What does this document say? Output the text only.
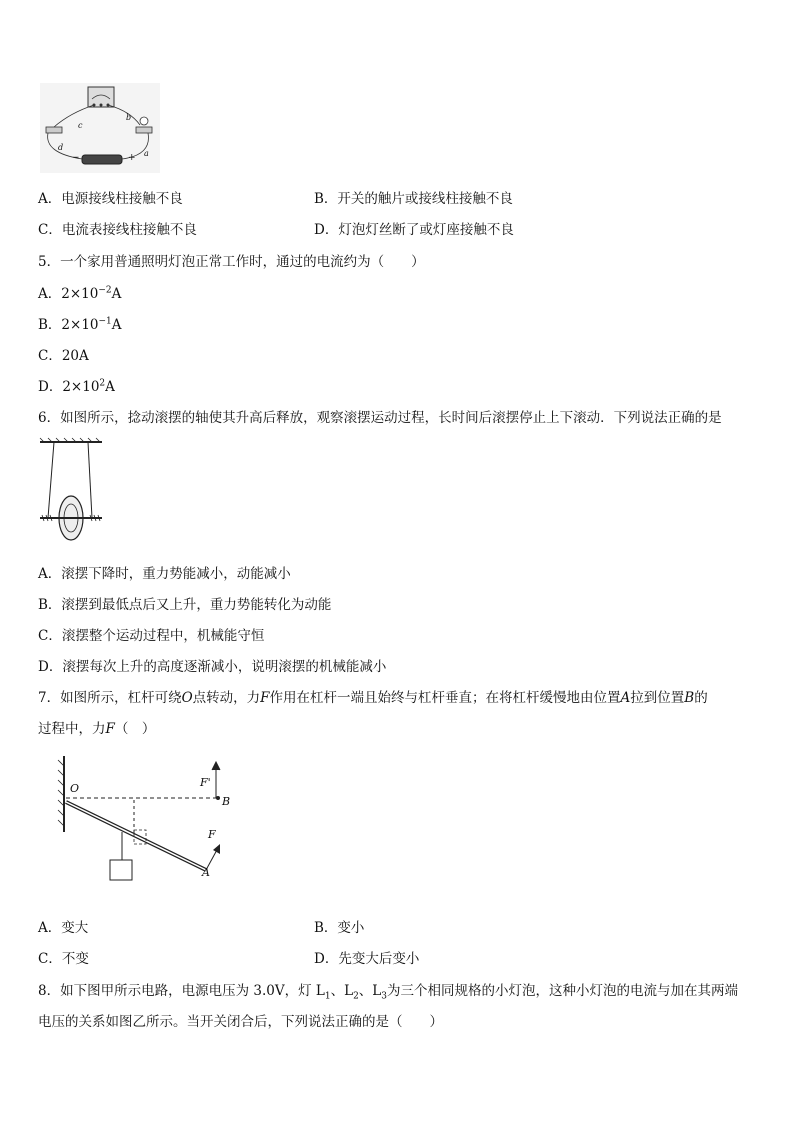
c
b
d
a
−	+
A．电源接线柱接触不良	B．开关的触片或接线柱接触不良
C．电流表接线柱接触不良	D．灯泡灯丝断了或灯座接触不良
5．一个家用普通照明灯泡正常工作时，通过的电流约为（　　）
A．$2\times 10^{-2}A$
B．$2\times 10^{-1}A$
C．20A
D．$2\times 10^2A$
6．如图所示，捻动滚摆的轴使其升高后释放，观察滚摆运动过程，长时间后滚摆停止上下滚动．下列说法正确的是
A．滚摆下降时，重力势能减小，动能减小
B．滚摆到最低点后又上升，重力势能转化为动能
C．滚摆整个运动过程中，机械能守恒
D．滚摆每次上升的高度逐渐减小，说明滚摆的机械能减小
7．如图所示，杠杆可绕O点转动，力F作用在杠杆一端且始终与杠杆垂直；在将杠杆缓慢地由位置A拉到位置B的
过程中，力F（　）
O
B
A
F'
F
A．变大	B．变小
C．不变	D．先变大后变小
8．如下图甲所示电路，电源电压为 3.0V，灯 $L_1$、$L_2$、$L_3$为三个相同规格的小灯泡，这种小灯泡的电流与加在其两端
电压的关系如图乙所示。当开关闭合后，下列说法正确的是（　　）
